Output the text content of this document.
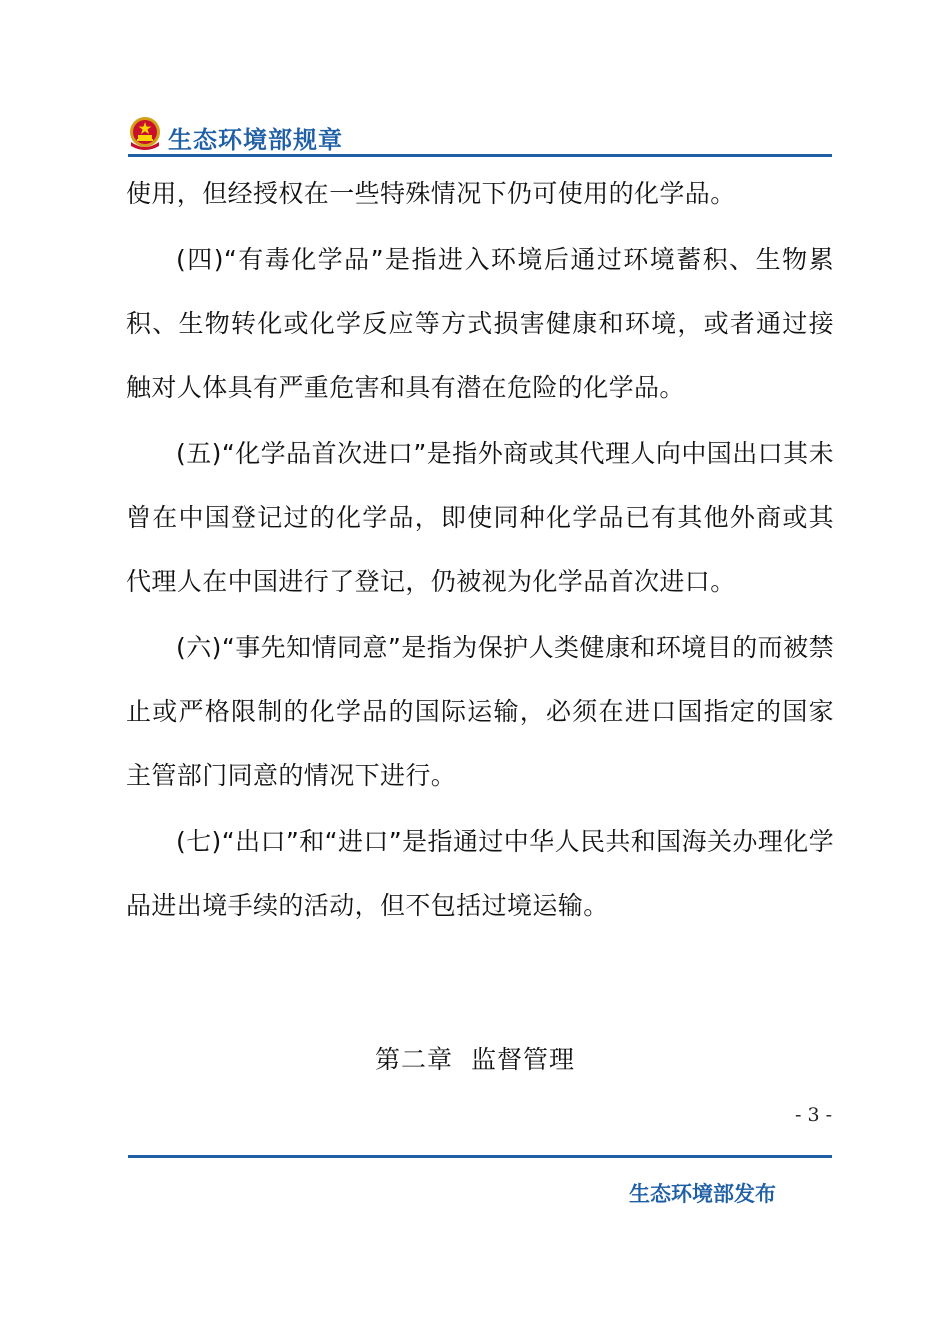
生态环境部规章

使用，但经授权在一些特殊情况下仍可使用的化学品。

(四)“有毒化学品”是指进入环境后通过环境蓄积、生物累积、生物转化或化学反应等方式损害健康和环境，或者通过接触对人体具有严重危害和具有潜在危险的化学品。

(五)“化学品首次进口”是指外商或其代理人向中国出口其未曾在中国登记过的化学品，即使同种化学品已有其他外商或其代理人在中国进行了登记，仍被视为化学品首次进口。

(六)“事先知情同意”是指为保护人类健康和环境目的而被禁止或严格限制的化学品的国际运输，必须在进口国指定的国家主管部门同意的情况下进行。

(七)“出口”和“进口”是指通过中华人民共和国海关办理化学品进出境手续的活动，但不包括过境运输。

第二章  监督管理
- 3 -
生态环境部发布
